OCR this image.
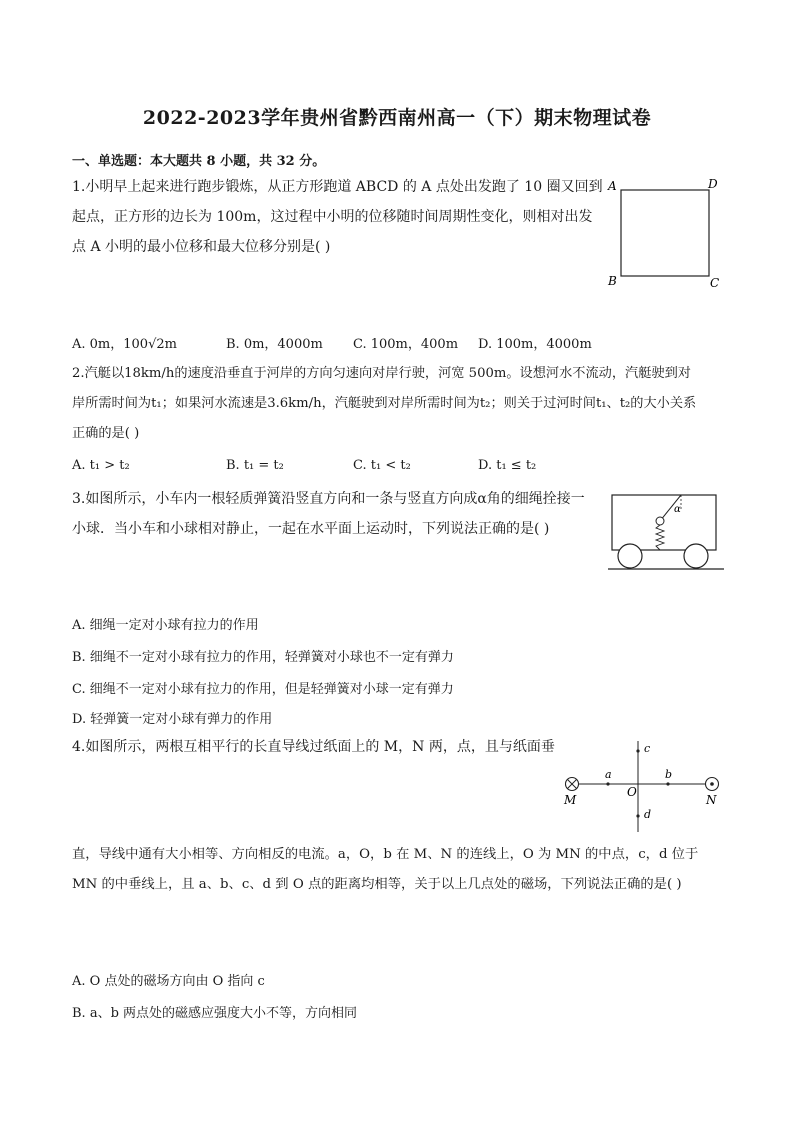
2022-2023学年贵州省黔西南州高一（下）期末物理试卷
一、单选题：本大题共 8 小题，共 32 分。
1.小明早上起来进行跑步锻炼，从正方形跑道 ABCD 的 A 点处出发跑了 10 圈又回到
起点，正方形的边长为 100m，这过程中小明的位移随时间周期性变化，则相对出发
点 A 小明的最小位移和最大位移分别是( )
A	D
B	C
A. 0m，100√2m	B. 0m，4000m C. 100m，400m D. 100m，4000m
2.汽艇以18km/h的速度沿垂直于河岸的方向匀速向对岸行驶，河宽 500m。设想河水不流动，汽艇驶到对
岸所需时间为t₁；如果河水流速是3.6km/h，汽艇驶到对岸所需时间为t₂；则关于过河时间t₁、t₂的大小关系
正确的是( )
A. t₁ > t₂	B. t₁ = t₂	C. t₁ < t₂	D. t₁ ≤ t₂
3.如图所示，小车内一根轻质弹簧沿竖直方向和一条与竖直方向成α角的细绳拴接一
小球．当小车和小球相对静止，一起在水平面上运动时，下列说法正确的是( )
α
A. 细绳一定对小球有拉力的作用
B. 细绳不一定对小球有拉力的作用，轻弹簧对小球也不一定有弹力
C. 细绳不一定对小球有拉力的作用，但是轻弹簧对小球一定有弹力
D. 轻弹簧一定对小球有弹力的作用
4.如图所示，两根互相平行的长直导线过纸面上的 M，N 两，点，且与纸面垂
M	N
a	b
c
d
O
直，导线中通有大小相等、方向相反的电流。a，O，b 在 M、N 的连线上，O 为 MN 的中点，c，d 位于
MN 的中垂线上，且 a、b、c、d 到 O 点的距离均相等，关于以上几点处的磁场，下列说法正确的是( )
A. O 点处的磁场方向由 O 指向 c
B. a、b 两点处的磁感应强度大小不等，方向相同
